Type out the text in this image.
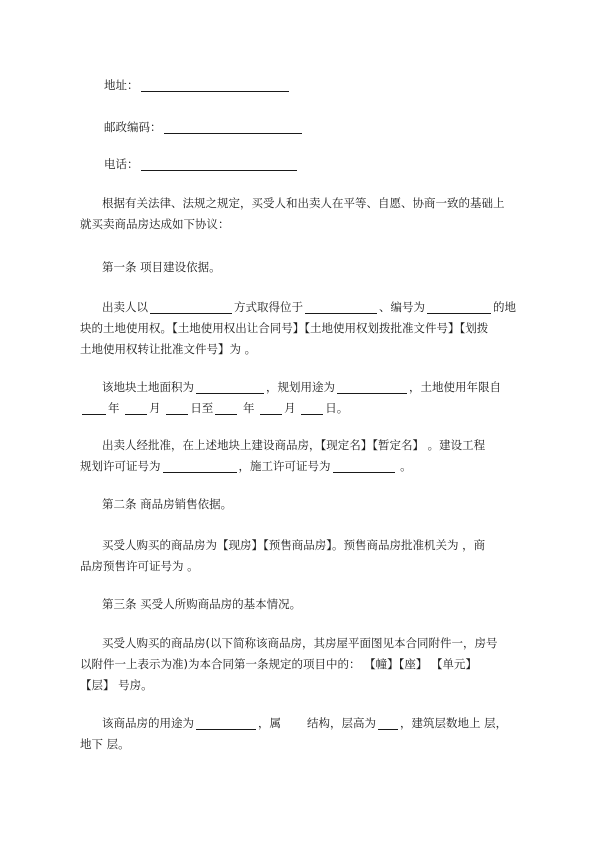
地址：
邮政编码：
电话：
根据有关法律、法规之规定，买受人和出卖人在平等、自愿、协商一致的基础上
就买卖商品房达成如下协议：
第一条 项目建设依据。
出卖人以	方式取得位于	、编号为	的地
块的土地使用权。【土地使用权出让合同号】【土地使用权划拨批准文件号】【划拨
土地使用权转让批准文件号】为 。
该地块土地面积为	，规划用途为	，土地使用年限自
年	月	日至	年	月	日。
出卖人经批准，在上述地块上建设商品房，【现定名】【暂定名】 。建设工程
规划许可证号为	，施工许可证号为	。
第二条 商品房销售依据。
买受人购买的商品房为【现房】【预售商品房】。预售商品房批准机关为 ，商
品房预售许可证号为 。
第三条 买受人所购商品房的基本情况。
买受人购买的商品房(以下简称该商品房，其房屋平面图见本合同附件一，房号
以附件一上表示为准)为本合同第一条规定的项目中的： 【幢】【座】 【单元】
【层】 号房。
该商品房的用途为	，属 结构，层高为 ，建筑层数地上 层，
地下 层。
